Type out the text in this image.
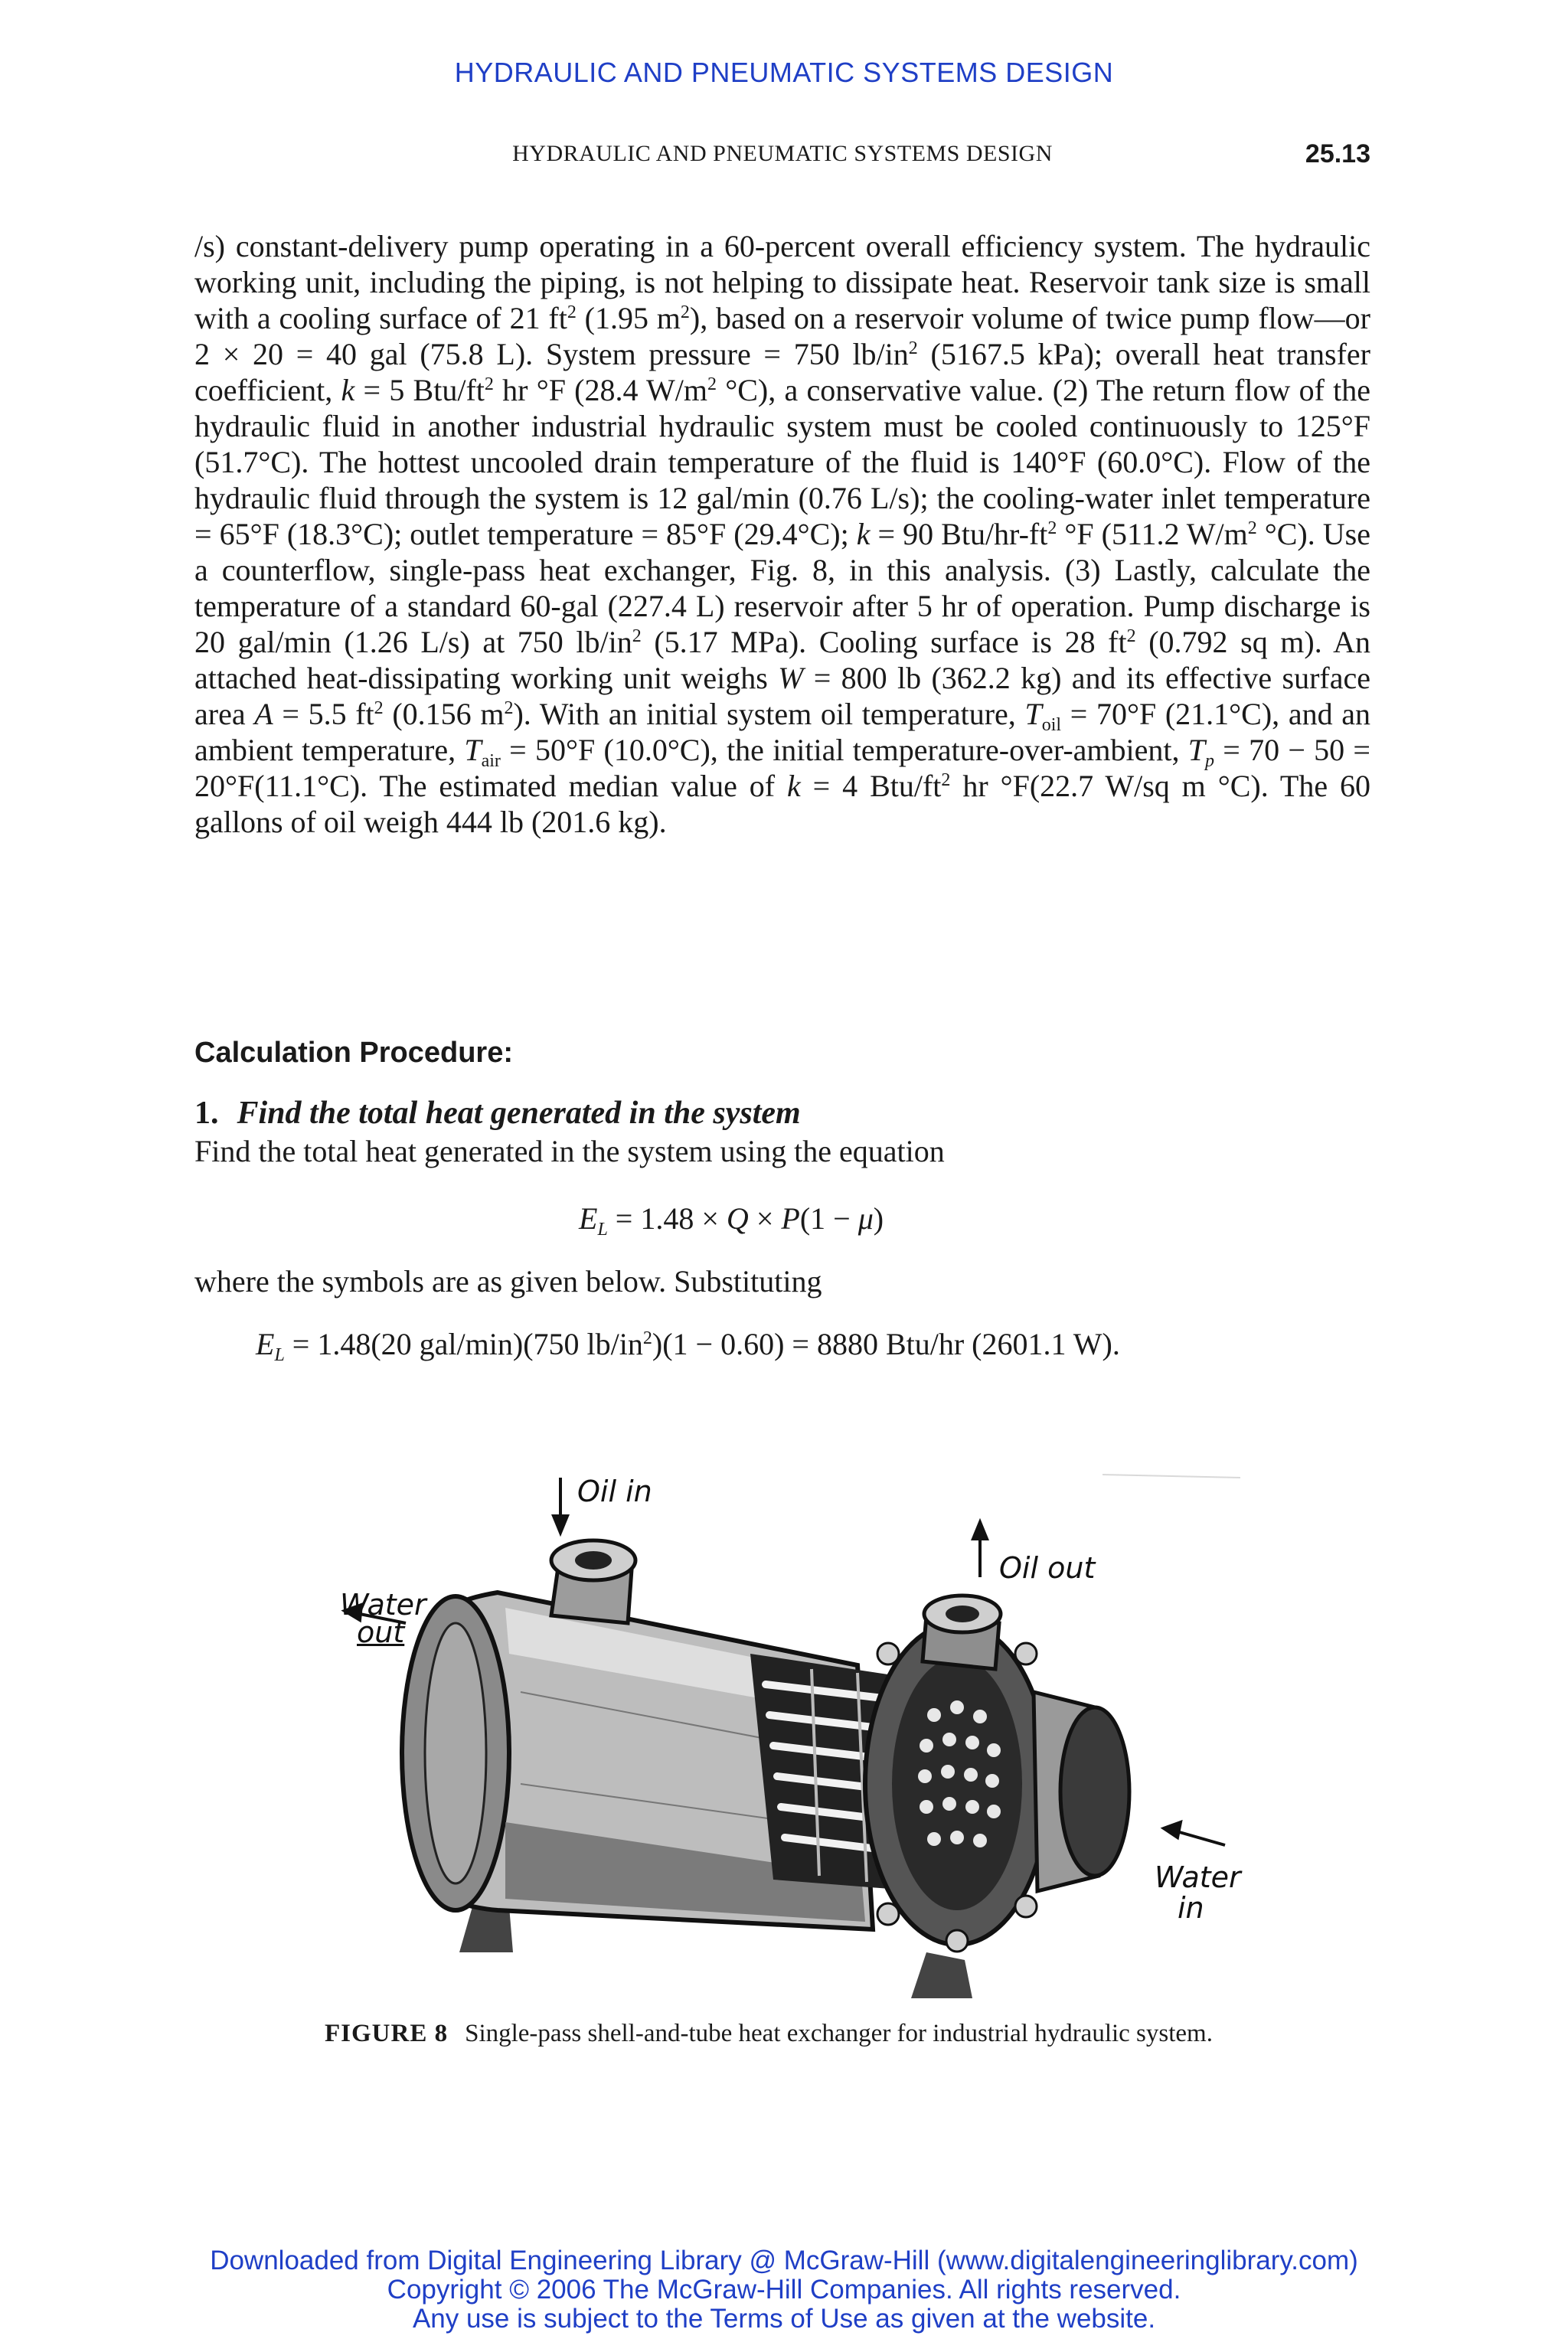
HYDRAULIC AND PNEUMATIC SYSTEMS DESIGN
HYDRAULIC AND PNEUMATIC SYSTEMS DESIGN	25.13
/s) constant-delivery pump operating in a 60-percent overall efficiency system. The hydraulic working unit, including the piping, is not helping to dissipate heat. Reservoir tank size is small with a cooling surface of 21 $ft^2$ (1.95 $m^2$), based on a reservoir volume of twice pump flow—or 2 × 20 = 40 gal (75.8 L). System pressure = 750 $lb/in^2$ (5167.5 kPa); overall heat transfer coefficient, k = 5 Btu/$ft^2$ hr °F (28.4 $W/m^2$ °C), a conservative value. (2) The return flow of the hydraulic fluid in another industrial hydraulic system must be cooled continuously to 125°F (51.7°C). The hottest uncooled drain temperature of the fluid is 140°F (60.0°C). Flow of the hydraulic fluid through the system is 12 gal/min (0.76 L/s); the cooling-water inlet temperature = 65°F (18.3°C); outlet temperature = 85°F (29.4°C); k = 90 Btu/$hr-ft^2$ °F (511.2 $W/m^2$ °C). Use a counterflow, single-pass heat exchanger, Fig. 8, in this analysis. (3) Lastly, calculate the temperature of a standard 60-gal (227.4 L) reservoir after 5 hr of operation. Pump discharge is 20 gal/min (1.26 L/s) at 750 $lb/in^2$ (5.17 MPa). Cooling surface is 28 $ft^2$ (0.792 sq m). An attached heat-dissipating working unit weighs W = 800 lb (362.2 kg) and its effective surface area A = 5.5 $ft^2$ (0.156 $m^2$). With an initial system oil temperature, $T_{oil} = 70^\circ F$ (21.1°C), and an ambient temperature, $T_{air} = 50^\circ F$ (10.0°C), the initial temperature-over-ambient, $T_p = 70 - 50 = 20^\circ F(11.1^\circ C)$. The estimated median value of k = 4 Btu/$ft^2$ hr °F(22.7 W/sq m °C). The 60 gallons of oil weigh 444 lb (201.6 kg).
Calculation Procedure:
1. Find the total heat generated in the system
Find the total heat generated in the system using the equation
$E_L = 1.48 \times Q \times P(1 - \mu)$
where the symbols are as given below. Substituting
$E_L = 1.48(20$ gal/min)(750 $lb/in^2)(1 - 0.60) = 8880$ Btu/hr (2601.1 W).
Oil in
Oil out
Water
out
Water
in
FIGURE 8 Single-pass shell-and-tube heat exchanger for industrial hydraulic system.
Downloaded from Digital Engineering Library @ McGraw-Hill (www.digitalengineeringlibrary.com)
Copyright © 2006 The McGraw-Hill Companies. All rights reserved.
Any use is subject to the Terms of Use as given at the website.
